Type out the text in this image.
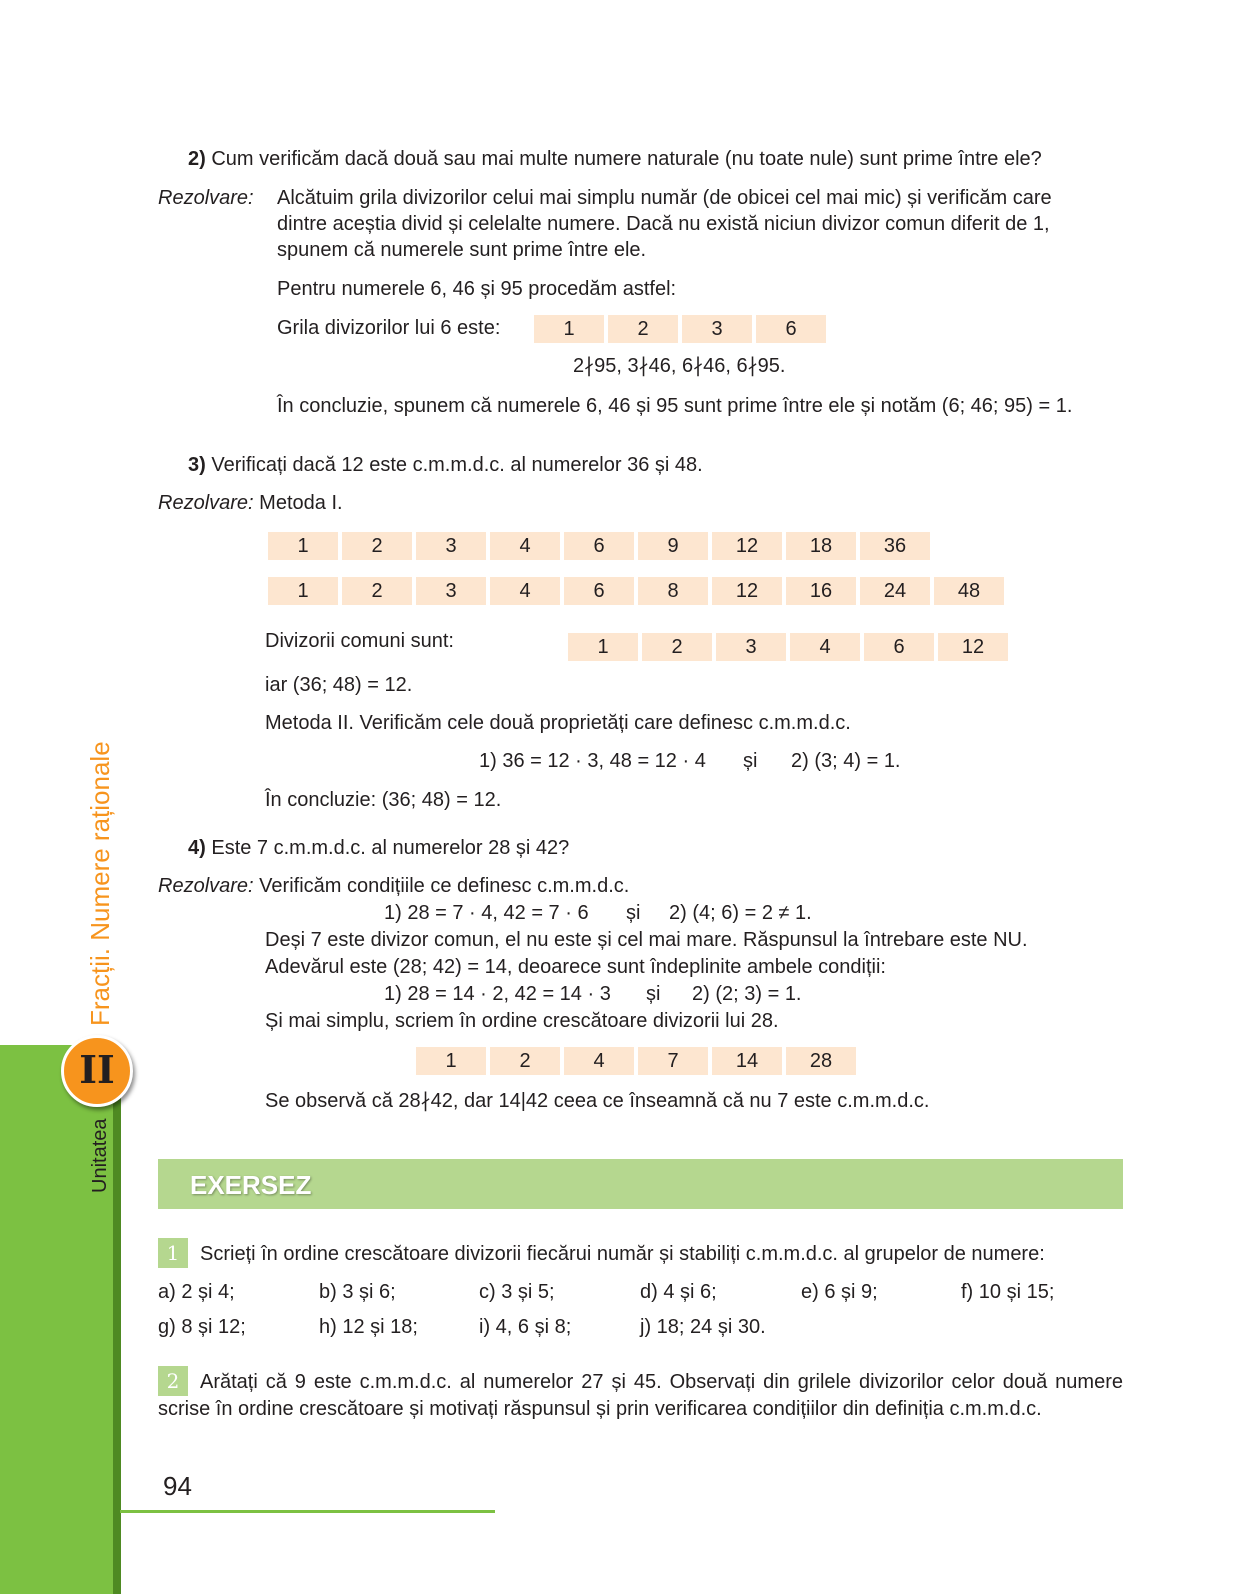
2) Cum verificăm dacă două sau mai multe numere naturale (nu toate nule) sunt prime între ele?
Rezolvare: Alcătuim grila divizorilor celui mai simplu număr (de obicei cel mai mic) și verificăm care
dintre aceștia divid și celelalte numere. Dacă nu există niciun divizor comun diferit de 1,
spunem că numerele sunt prime între ele.
Pentru numerele 6, 46 și 95 procedăm astfel:
Grila divizorilor lui 6 este:	1	2	3	6
2∤95, 3∤46, 6∤46, 6∤95.
În concluzie, spunem că numerele 6, 46 și 95 sunt prime între ele și notăm (6; 46; 95) = 1.
3) Verificați dacă 12 este c.m.m.d.c. al numerelor 36 și 48.
Rezolvare: Metoda I.
1	2	3	4	6	9	12	18	36
1	2	3	4	6	8	12	16	24	48
Divizorii comuni sunt:	1	2	3	4	6	12
iar (36; 48) = 12.
Metoda II. Verificăm cele două proprietăți care definesc c.m.m.d.c.
1) 36 = 12 · 3, 48 = 12 · 4 și 2) (3; 4) = 1.
În concluzie: (36; 48) = 12.
4) Este 7 c.m.m.d.c. al numerelor 28 și 42?
Rezolvare: Verificăm condițiile ce definesc c.m.m.d.c.
1) 28 = 7 · 4, 42 = 7 · 6 și 2) (4; 6) = 2 ≠ 1.
Deși 7 este divizor comun, el nu este și cel mai mare. Răspunsul la întrebare este NU.
Adevărul este (28; 42) = 14, deoarece sunt îndeplinite ambele condiții:
1) 28 = 14 · 2, 42 = 14 · 3 și 2) (2; 3) = 1.
Și mai simplu, scriem în ordine crescătoare divizorii lui 28.
1	2	4	7	14	28
Se observă că 28∤42, dar 14|42 ceea ce înseamnă că nu 7 este c.m.m.d.c.
EXERSEZ
1	Scrieți în ordine crescătoare divizorii fiecărui număr și stabiliți c.m.m.d.c. al grupelor de numere:
a) 2 și 4;	b) 3 și 6;	c) 3 și 5;	d) 4 și 6;	e) 6 și 9;	f) 10 și 15;
g) 8 și 12;	h) 12 și 18;	i) 4, 6 și 8;	j) 18; 24 și 30.
2	Arătați că 9 este c.m.m.d.c. al numerelor 27 și 45. Observați din grilele divizorilor celor două numere scrise în ordine crescătoare și motivați răspunsul și prin verificarea condițiilor din definiția c.m.m.d.c.
Unitatea
Fracții. Numere raționale
II
94
